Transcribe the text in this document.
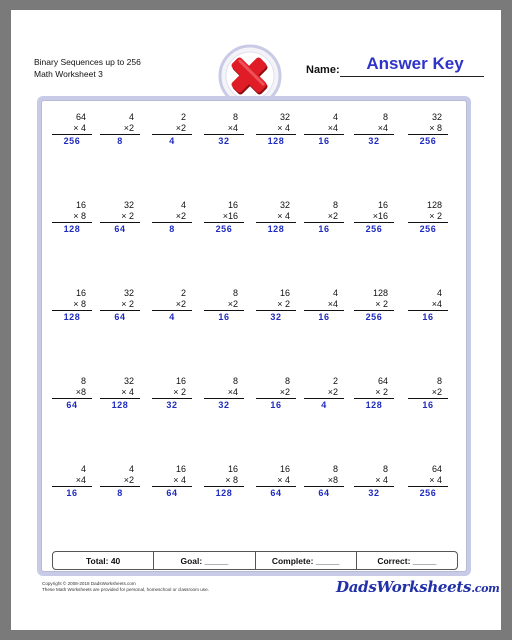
Binary Sequences up to 256
Math Worksheet 3	Name:	Answer Key
64
× 4
256
4
×2
8
2
×2
4
8
×4
32
32
× 4
128
4
×4
16
8
×4
32
32
× 8
256
16
× 8
128
32
× 2
64
4
×2
8
16
×16
256
32
× 4
128
8
×2
16
16
×16
256
128
× 2
256
16
× 8
128
32
× 2
64
2
×2
4
8
×2
16
16
× 2
32
4
×4
16
128
× 2
256
4
×4
16
8
×8
64
32
× 4
128
16
× 2
32
8
×4
32
8
×2
16
2
×2
4
64
× 2
128
8
×2
16
4
×4
16
4
×2
8
16
× 4
64
16
× 8
128
16
× 4
64
8
×8
64
8
× 4
32
64
× 4
256
Total: 40	Goal: _____	Complete: _____	Correct: _____
Copyright © 2008-2018 DadsWorksheets.com
These Math Worksheets are provided for personal, homeschool or classroom use.	DadsWorksheets.com
